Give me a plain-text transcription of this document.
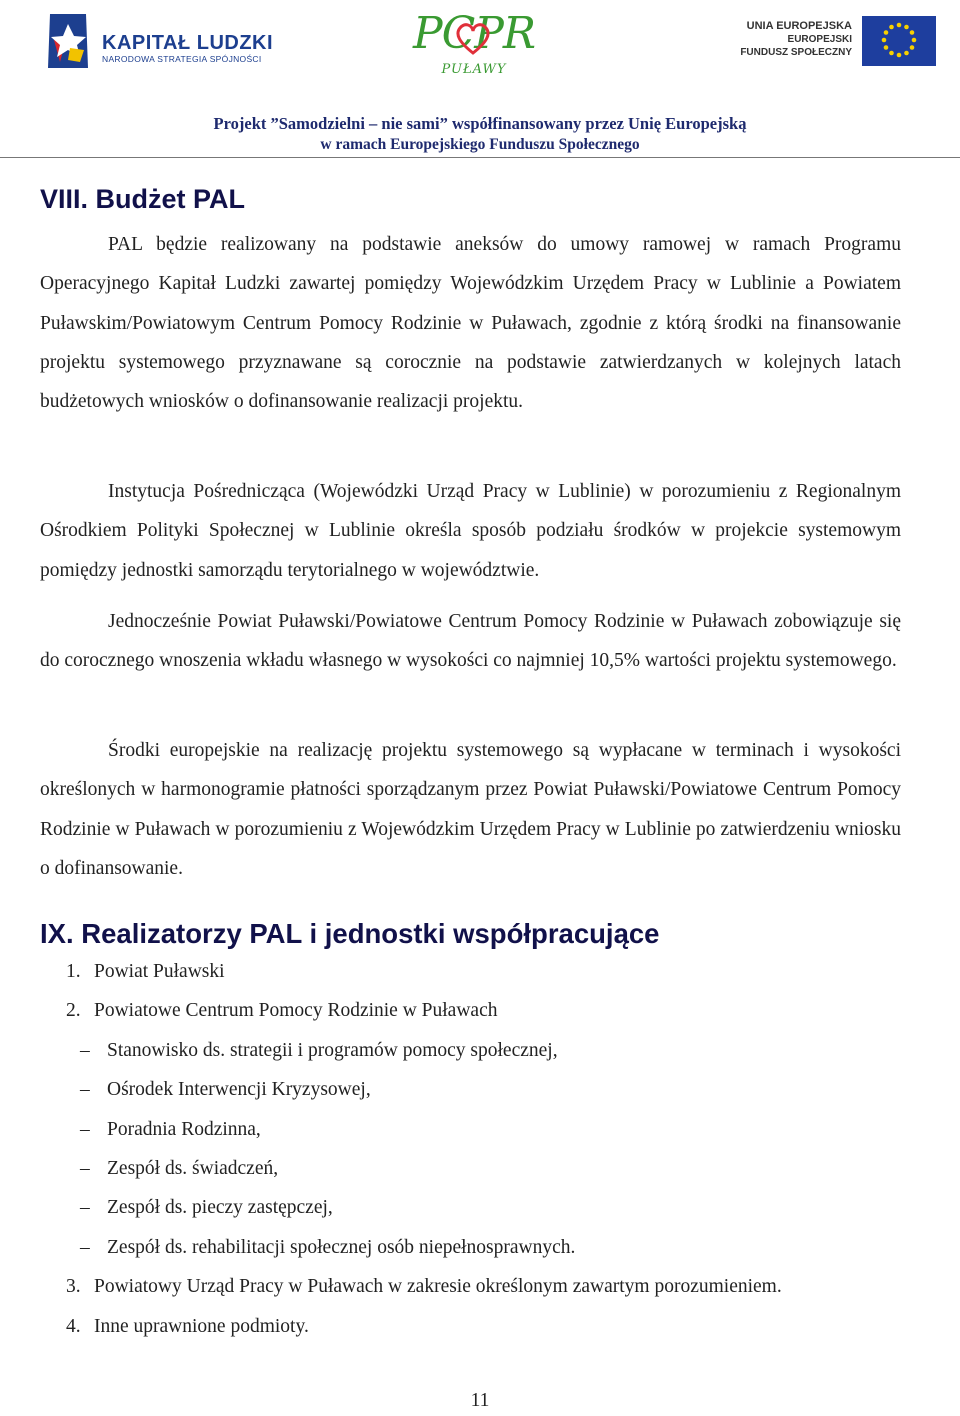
KAPITAŁ LUDZKI
NARODOWA STRATEGIA SPÓJNOŚCI	PCPR
PUŁAWY
UNIA EUROPEJSKA
EUROPEJSKI
FUNDUSZ SPOŁECZNY
Projekt ”Samodzielni – nie sami” współfinansowany przez Unię Europejską
w ramach Europejskiego Funduszu Społecznego
VIII. Budżet PAL

PAL będzie realizowany na podstawie aneksów do umowy ramowej w ramach Programu Operacyjnego Kapitał Ludzki zawartej pomiędzy Wojewódzkim Urzędem Pracy w Lublinie a Powiatem Puławskim/Powiatowym Centrum Pomocy Rodzinie w Puławach, zgodnie z którą środki na finansowanie projektu systemowego przyznawane są corocznie na podstawie zatwierdzanych w kolejnych latach budżetowych wniosków o dofinansowanie realizacji projektu.

Instytucja Pośrednicząca (Wojewódzki Urząd Pracy w Lublinie) w porozumieniu z Regionalnym Ośrodkiem Polityki Społecznej w Lublinie określa sposób podziału środków w projekcie systemowym pomiędzy jednostki samorządu terytorialnego w województwie.

Jednocześnie Powiat Puławski/Powiatowe Centrum Pomocy Rodzinie w Puławach zobowiązuje się do corocznego wnoszenia wkładu własnego w wysokości co najmniej 10,5% wartości projektu systemowego.

Środki europejskie na realizację projektu systemowego są wypłacane w terminach i wysokości określonych w harmonogramie płatności sporządzanym przez Powiat Puławski/Powiatowe Centrum Pomocy Rodzinie w Puławach w porozumieniu z Wojewódzkim Urzędem Pracy w Lublinie po zatwierdzeniu wniosku o dofinansowanie.

IX. Realizatorzy PAL i jednostki współpracujące
1. Powiat Puławski
2. Powiatowe Centrum Pomocy Rodzinie w Puławach
– Stanowisko ds. strategii i programów pomocy społecznej,
– Ośrodek Interwencji Kryzysowej,
– Poradnia Rodzinna,
– Zespół ds. świadczeń,
– Zespół ds. pieczy zastępczej,
– Zespół ds. rehabilitacji społecznej osób niepełnosprawnych.
3. Powiatowy Urząd Pracy w Puławach w zakresie określonym zawartym porozumieniem.
4. Inne uprawnione podmioty.
11
